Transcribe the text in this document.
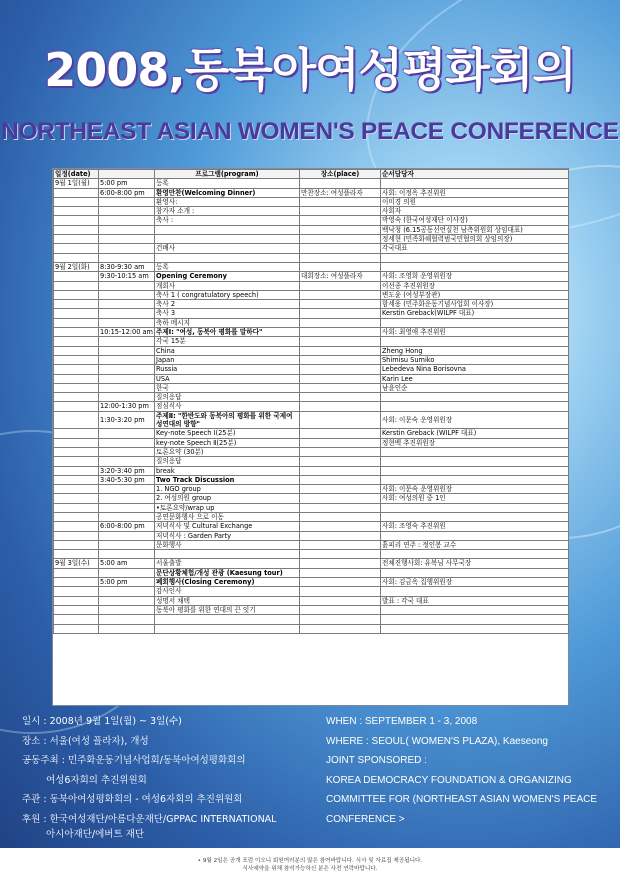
2008,동북아여성평화회의
NORTHEAST ASIAN WOMEN'S PEACE CONFERENCE
일정(date)		프로그램(program)	장소(place)	순서담당자
9월 1일(월)	5:00 pm	등록		
	6:00-8:00 pm	환영만찬(Welcoming Dinner)	만찬장소: 여성플라자	사회: 이정옥 추진위원
		환영사:		이미경 의원
		참가자 소개 :		사회자
		축사 :		박영숙 (한국여성재단 이사장)
				백낙청 (6.15공동선언실천 남측위원회 상임대표)
				정세현 (민족화해협력범국민협의회 상임의장)
		건배사		각국대표

9월 2일(화)	8:30-9:30 am	등록		
	9:30-10:15 am	Opening Ceremony	대회장소: 여성플라자	사회: 조영희 운영위원장
		개회사		이선종 추진위원장
		축사 1 ( congratulatory speech)		변도윤 (여성부장관)
		축사 2		함세웅 (민주화운동기념사업회 이사장)
		축사 3		Kerstin Greback(WILPF 대표)
		축하 메시지		
	10:15-12:00 am	주제Ⅰ: "여성, 동북아 평화를 말하다"		사회: 최영애 추진위원
		각국 15분		
		China		Zheng Hong
		Japan		Shimisu Sumiko
		Russia		Lebedeva Nina Borisovna
		USA		Karin Lee
		한국		남윤인순
		질의응답		
	12:00-1:30 pm	점심식사		
	1:30-3:20 pm	주제Ⅱ: "한반도와 동북아의 평화를 위한 국제여성연대의 방향"		사회: 이문숙 운영위원장
		Key-note Speech Ⅰ(25분)		Kerstin Greback (WILPF 대표)
		key-note Speech Ⅱ(25분)		정현백 추진위원장
		토론요약 (30분)		
		질의응답		
	3:20-3:40 pm	break		
	3:40-5:30 pm	Two Track Discussion		
		1. NGO group		사회: 이문숙 운영위원장
		2. 여성의원 group		사회: 여성의원 중 1인
		•토론요약/wrap up		
		공연문화행사 으로 이동		
	6:00-8:00 pm	저녁식사 및 Cultural Exchange		사회: 조영숙 추진위원
		저녁식사 : Garden Party		
		문화행사		흙피리 연주 : 정인봉 교수

9월 3일(수)	5:00 am	서울출발		전체진행사회: 유복님 사무국장
		문단상황체험/개성 관광 (Kaesung tour)		
	5:00 pm	폐회행사(Closing Ceremony)		사회: 김금옥 집행위원장
		감사인사		
		성명서 채택		발표 : 각국 대표
		동북아 평화를 위한 연대의 끈 잇기		

일시 : 2008년 9월 1일(월) ~ 3일(수)
장소 : 서울(여성 플라자), 개성
공동주최 : 민주화운동기념사업회/동북아여성평화회의
여성6자회의 추진위원회
주관 : 동북아여성평화회의 - 여성6자회의 추진위원회
후원 : 한국여성재단/아름다운재단/GPPAC INTERNATIONAL
아시아재단/에버트 재단
WHEN : SEPTEMBER 1 - 3, 2008
WHERE : SEOUL( WOMEN'S PLAZA), Kaeseong
JOINT SPONSORED :
KOREA DEMOCRACY FOUNDATION & ORGANIZING
COMMITTEE FOR (NORTHEAST ASIAN WOMEN'S PEACE
CONFERENCE >
• 9월 2일은 공개 포럼 이오니 회원여러분의 많은 참여바랍니다. 식사 및 자료집 제공됩니다.
식사예약을 위해 참석가능하신 분은 사전 연락바랍니다.
